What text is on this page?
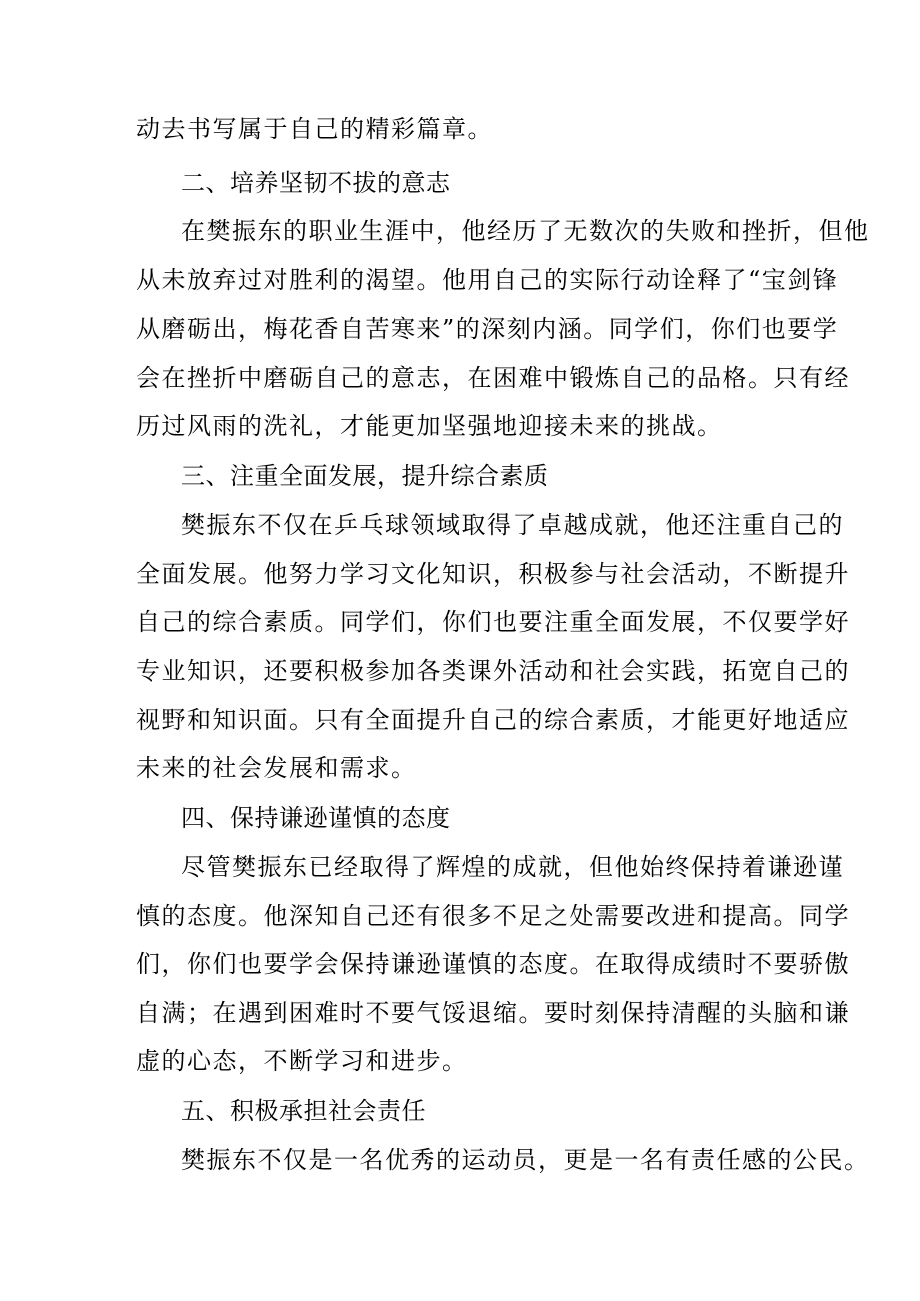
动去书写属于自己的精彩篇章。
二、培养坚韧不拔的意志
在樊振东的职业生涯中，他经历了无数次的失败和挫折，但他
从未放弃过对胜利的渴望。他用自己的实际行动诠释了“宝剑锋
从磨砺出，梅花香自苦寒来”的深刻内涵。同学们，你们也要学
会在挫折中磨砺自己的意志，在困难中锻炼自己的品格。只有经
历过风雨的洗礼，才能更加坚强地迎接未来的挑战。
三、注重全面发展，提升综合素质
樊振东不仅在乒乓球领域取得了卓越成就，他还注重自己的
全面发展。他努力学习文化知识，积极参与社会活动，不断提升
自己的综合素质。同学们，你们也要注重全面发展，不仅要学好
专业知识，还要积极参加各类课外活动和社会实践，拓宽自己的
视野和知识面。只有全面提升自己的综合素质，才能更好地适应
未来的社会发展和需求。
四、保持谦逊谨慎的态度
尽管樊振东已经取得了辉煌的成就，但他始终保持着谦逊谨
慎的态度。他深知自己还有很多不足之处需要改进和提高。同学
们，你们也要学会保持谦逊谨慎的态度。在取得成绩时不要骄傲
自满；在遇到困难时不要气馁退缩。要时刻保持清醒的头脑和谦
虚的心态，不断学习和进步。
五、积极承担社会责任
樊振东不仅是一名优秀的运动员，更是一名有责任感的公民。
